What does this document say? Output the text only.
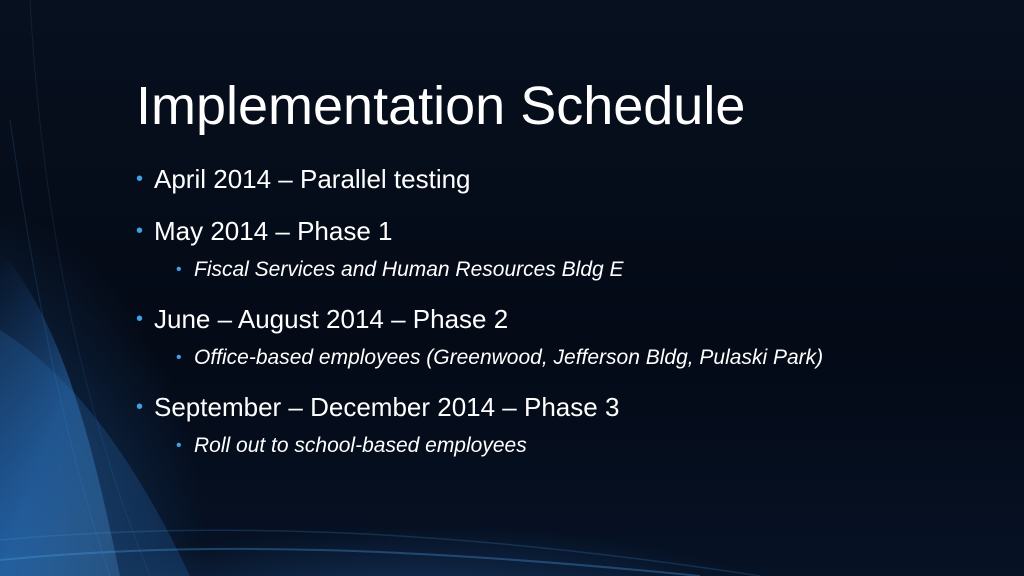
Implementation Schedule
• April 2014 – Parallel testing
• May 2014 – Phase 1
• Fiscal Services and Human Resources Bldg E
• June – August 2014 – Phase 2
• Office-based employees (Greenwood, Jefferson Bldg, Pulaski Park)
• September – December 2014 – Phase 3
• Roll out to school-based employees
